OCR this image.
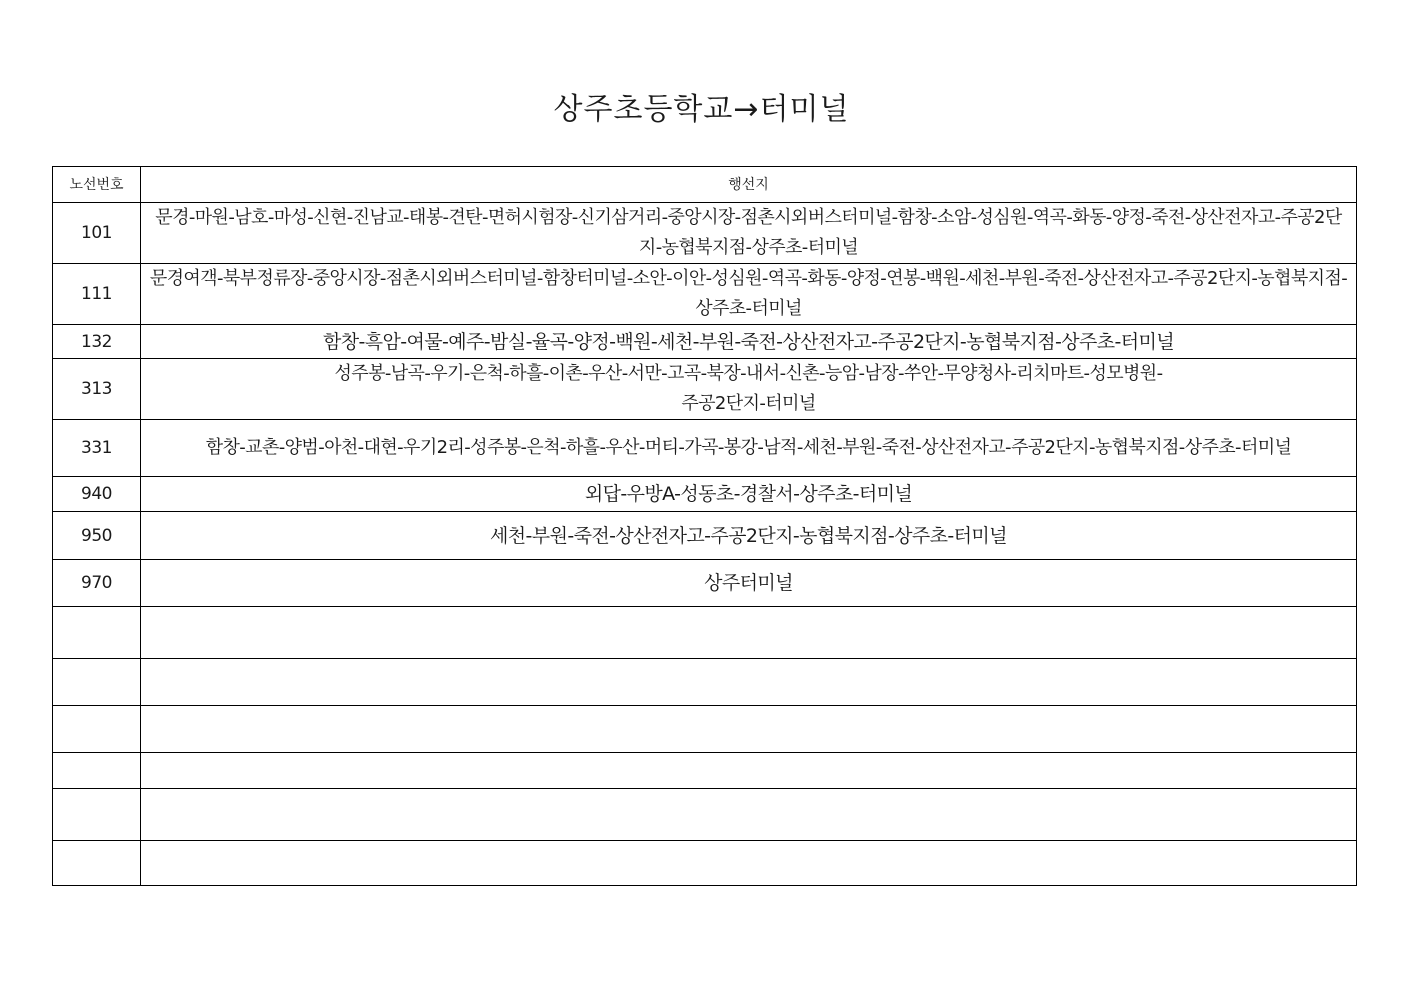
상주초등학교→터미널
노선번호	행선지
101	문경-마원-남호-마성-신현-진남교-태봉-견탄-면허시험장-신기삼거리-중앙시장-점촌시외버스터미널-함창-소암-성심원-역곡-화동-양정-죽전-상산전자고-주공2단지-농협북지점-상주초-터미널
111	문경여객-북부정류장-중앙시장-점촌시외버스터미널-함창터미널-소안-이안-성심원-역곡-화동-양정-연봉-백원-세천-부원-죽전-상산전자고-주공2단지-농협북지점-상주초-터미널
132	함창-흑암-여물-예주-밤실-율곡-양정-백원-세천-부원-죽전-상산전자고-주공2단지-농협북지점-상주초-터미널
313	성주봉-남곡-우기-은척-하흘-이촌-우산-서만-고곡-북장-내서-신촌-능암-남장-쑤안-무양청사-리치마트-성모병원-
주공2단지-터미널
331	함창-교촌-양범-아천-대현-우기2리-성주봉-은척-하흘-우산-머티-가곡-봉강-남적-세천-부원-죽전-상산전자고-주공2단지-농협북지점-상주초-터미널
940	외답-우방A-성동초-경찰서-상주초-터미널
950	세천-부원-죽전-상산전자고-주공2단지-농협북지점-상주초-터미널
970	상주터미널
